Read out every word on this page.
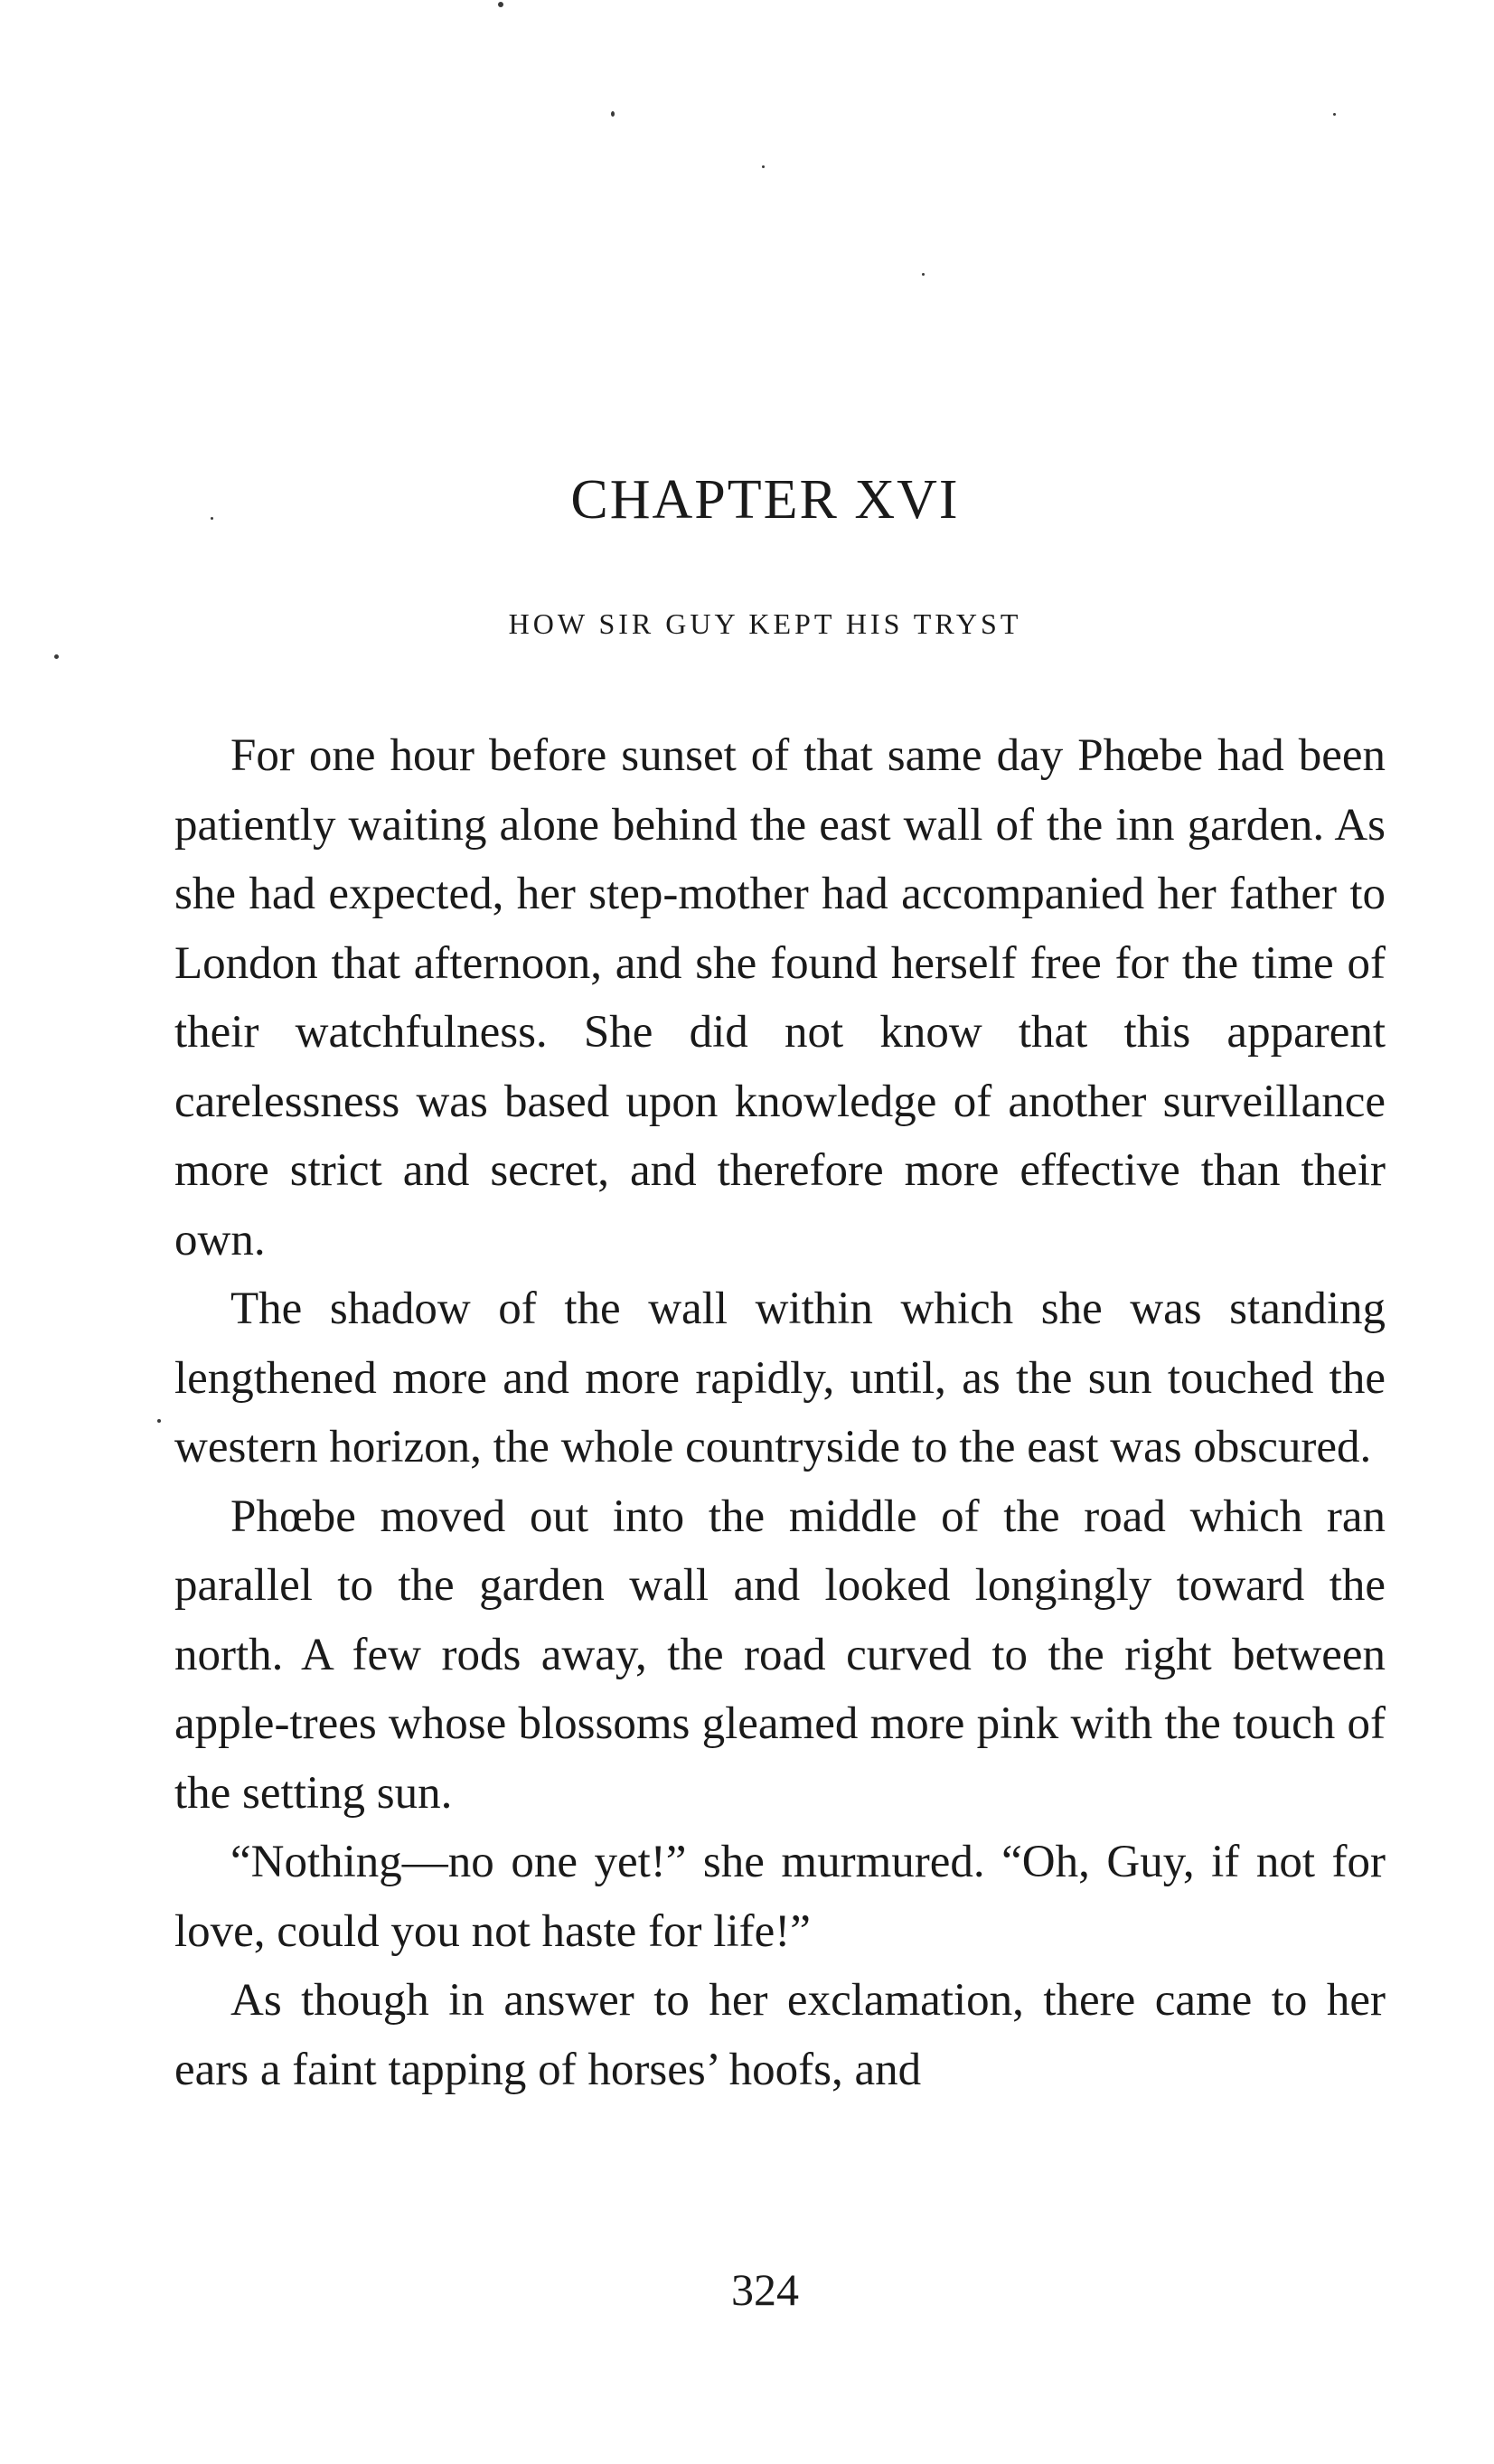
CHAPTER XVI
HOW SIR GUY KEPT HIS TRYST

For one hour before sunset of that same day Phœbe had been patiently waiting alone behind the east wall of the inn garden. As she had expected, her step-mother had accompanied her father to London that afternoon, and she found herself free for the time of their watchfulness. She did not know that this apparent carelessness was based upon knowledge of another surveillance more strict and secret, and therefore more effective than their own.

The shadow of the wall within which she was standing lengthened more and more rapidly, until, as the sun touched the western horizon, the whole countryside to the east was obscured.

Phœbe moved out into the middle of the road which ran parallel to the garden wall and looked longingly toward the north. A few rods away, the road curved to the right between apple-trees whose blossoms gleamed more pink with the touch of the setting sun.

“Nothing—no one yet!” she murmured. “Oh, Guy, if not for love, could you not haste for life!”

As though in answer to her exclamation, there came to her ears a faint tapping of horses’ hoofs, and

324
